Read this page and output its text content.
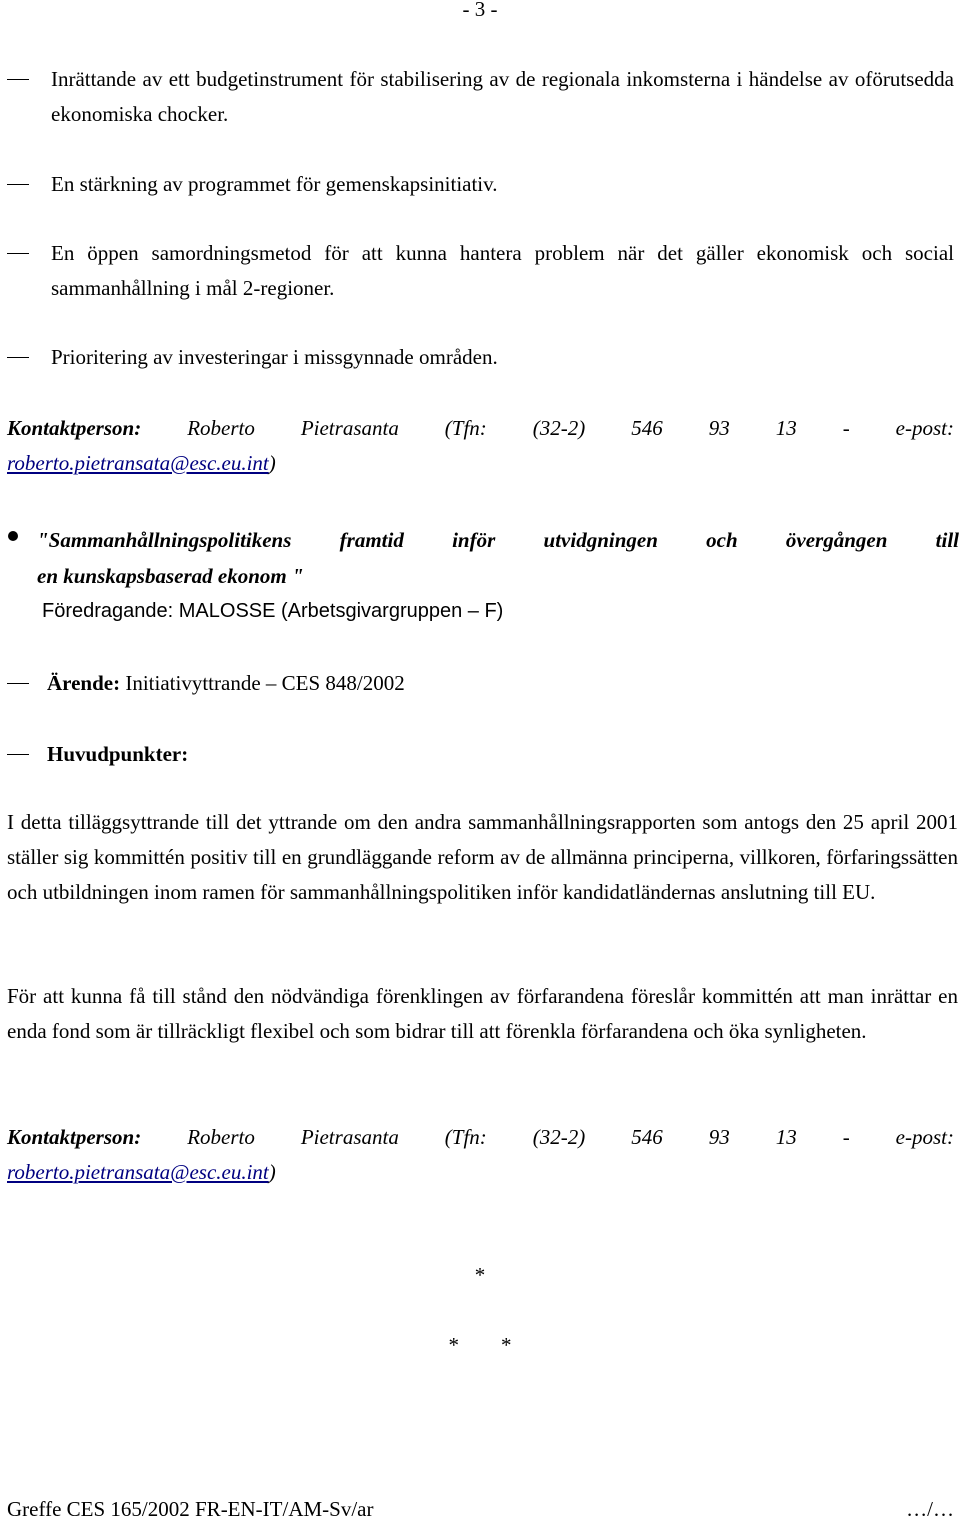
- 3 -
Inrättande av ett budgetinstrument för stabilisering av de regionala inkomsterna i händelse av oförutsedda ekonomiska chocker.
En stärkning av programmet för gemenskapsinitiativ.
En öppen samordningsmetod för att kunna hantera problem när det gäller ekonomisk och social sammanhållning i mål 2-regioner.
Prioritering av investeringar i missgynnade områden.
Kontaktperson: Roberto Pietrasanta (Tfn: (32-2) 546 93 13 - e-post:
roberto.pietransata@esc.eu.int)
"Sammanhållningspolitikens framtid inför utvidgningen och övergången till
en kunskapsbaserad ekonom "
Föredragande: MALOSSE (Arbetsgivargruppen – F)
Ärende: Initiativyttrande – CES 848/2002
Huvudpunkter:
I detta tilläggsyttrande till det yttrande om den andra sammanhållningsrapporten som antogs den 25 april 2001 ställer sig kommittén positiv till en grundläggande reform av de allmänna principerna, villkoren, förfaringssätten och utbildningen inom ramen för sammanhållningspolitiken inför kandidatländernas anslutning till EU.
För att kunna få till stånd den nödvändiga förenklingen av förfarandena föreslår kommittén att man inrättar en enda fond som är tillräckligt flexibel och som bidrar till att förenkla förfarandena och öka synligheten.
Kontaktperson: Roberto Pietrasanta (Tfn: (32-2) 546 93 13 - e-post:
roberto.pietransata@esc.eu.int)
*
*        *
Greffe CES 165/2002 FR-EN-IT/AM-Sv/ar	…/…
